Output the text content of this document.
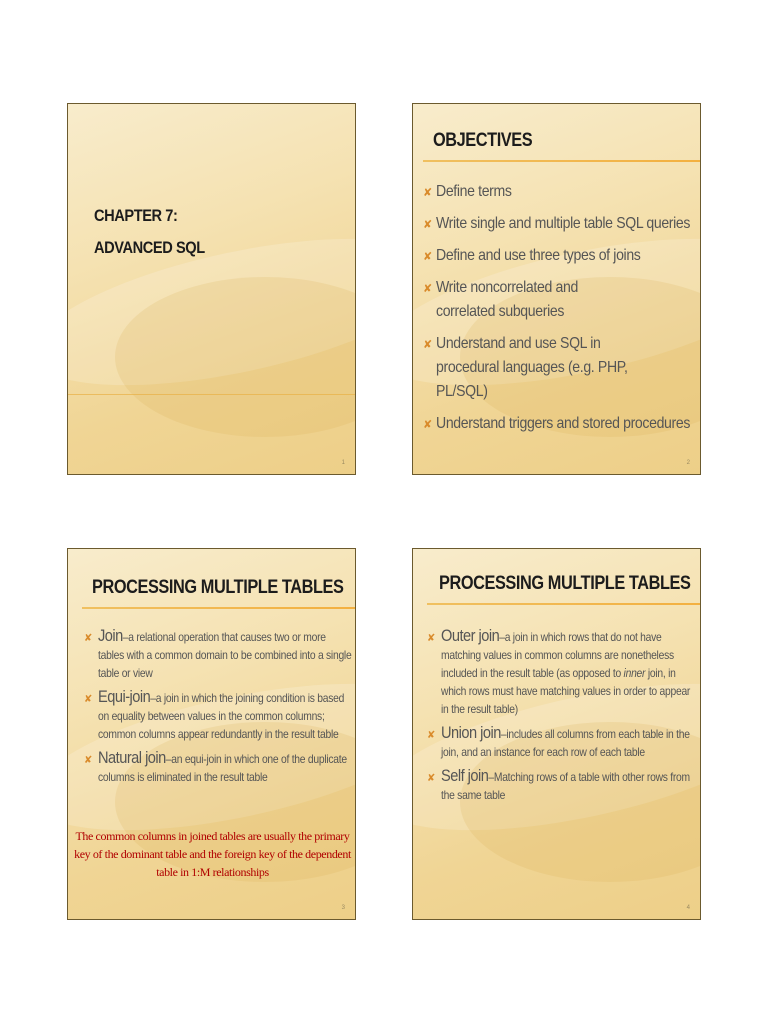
CHAPTER 7:
ADVANCED SQL
1
OBJECTIVES
✘ Define terms
✘ Write single and multiple table SQL queries
✘ Define and use three types of joins
✘ Write noncorrelated and correlated subqueries
✘ Understand and use SQL in procedural languages (e.g. PHP, PL/SQL)
✘ Understand triggers and stored procedures
2
PROCESSING MULTIPLE TABLES
✘ Join–a relational operation that causes two or more tables with a common domain to be combined into a single table or view
✘ Equi-join–a join in which the joining condition is based on equality between values in the common columns; common columns appear redundantly in the result table
✘ Natural join–an equi-join in which one of the duplicate columns is eliminated in the result table
The common columns in joined tables are usually the primary key of the dominant table and the foreign key of the dependent table in 1:M relationships
3
PROCESSING MULTIPLE TABLES
✘ Outer join–a join in which rows that do not have matching values in common columns are nonetheless included in the result table (as opposed to inner join, in which rows must have matching values in order to appear in the result table)
✘ Union join–includes all columns from each table in the join, and an instance for each row of each table
✘ Self join–Matching rows of a table with other rows from the same table
4
